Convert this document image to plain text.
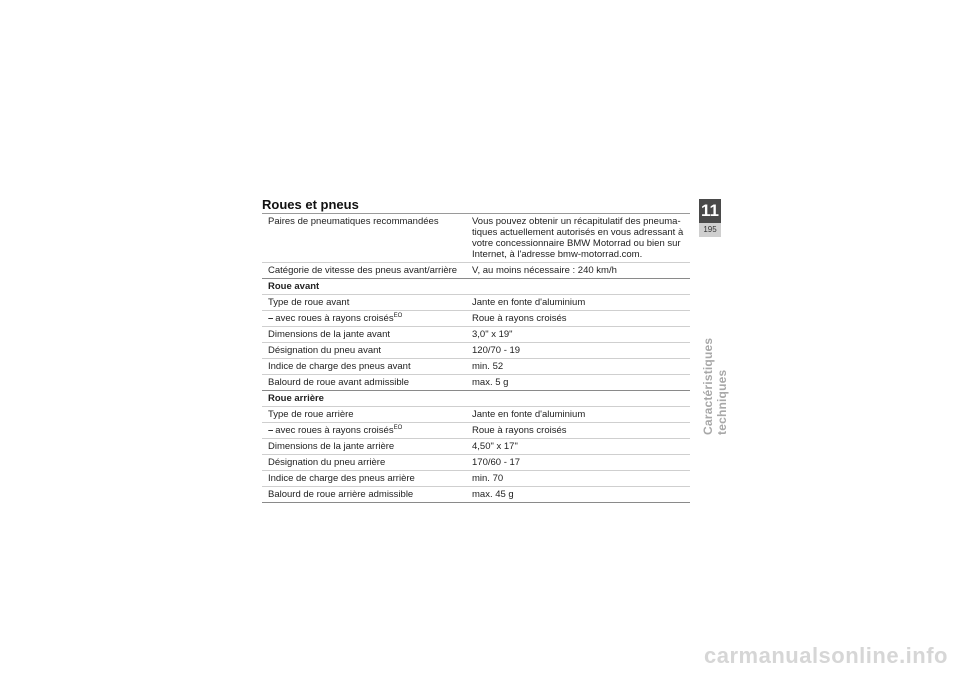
Roues et pneus
Paires de pneumatiques recommandées	Vous pouvez obtenir un récapitulatif des pneuma-tiques actuellement autorisés en vous adressant à votre concessionnaire BMW Motorrad ou bien sur Internet, à l'adresse bmw-motorrad.com.
Catégorie de vitesse des pneus avant/arrière	V, au moins nécessaire : 240 km/h
Roue avant
Type de roue avant	Jante en fonte d'aluminium
– avec roues à rayons croisés$^{EO}$	Roue à rayons croisés
Dimensions de la jante avant	3,0" x 19"
Désignation du pneu avant	120/70 - 19
Indice de charge des pneus avant	min. 52
Balourd de roue avant admissible	max. 5 g
Roue arrière
Type de roue arrière	Jante en fonte d'aluminium
– avec roues à rayons croisés$^{EO}$	Roue à rayons croisés
Dimensions de la jante arrière	4,50" x 17"
Désignation du pneu arrière	170/60 - 17
Indice de charge des pneus arrière	min. 70
Balourd de roue arrière admissible	max. 45 g
11
195
Caractéristiques techniques
carmanualsonline.info
